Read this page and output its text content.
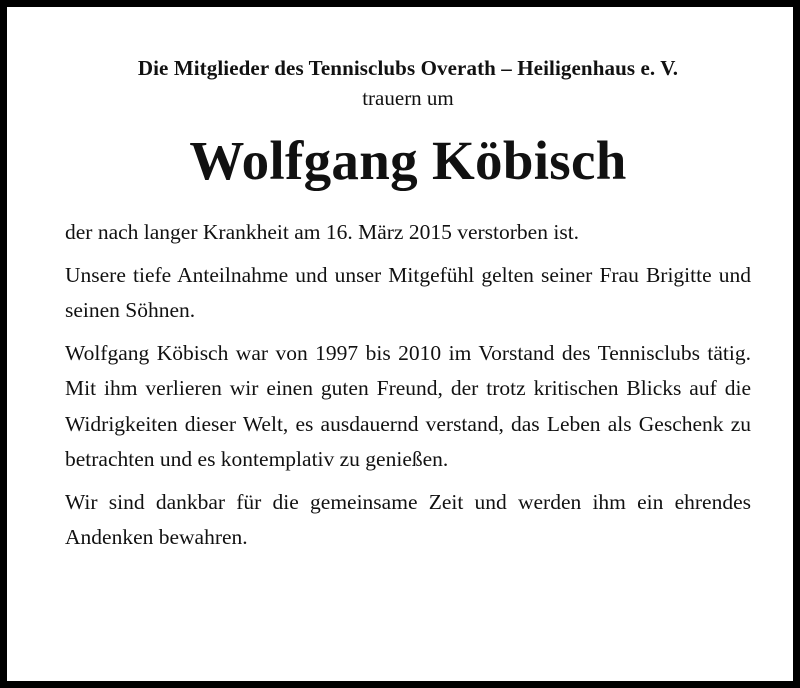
Die Mitglieder des Tennisclubs Overath – Heiligenhaus e. V.

trauern um

Wolfgang Köbisch

der nach langer Krankheit am 16. März 2015 verstorben ist.

Unsere tiefe Anteilnahme und unser Mitgefühl gelten seiner Frau Brigitte und seinen Söhnen.

Wolfgang Köbisch war von 1997 bis 2010 im Vorstand des Tennisclubs tätig. Mit ihm verlieren wir einen guten Freund, der trotz kritischen Blicks auf die Widrigkeiten dieser Welt, es ausdauernd verstand, das Leben als Geschenk zu betrachten und es kontemplativ zu genießen.

Wir sind dankbar für die gemeinsame Zeit und werden ihm ein ehrendes Andenken bewahren.
